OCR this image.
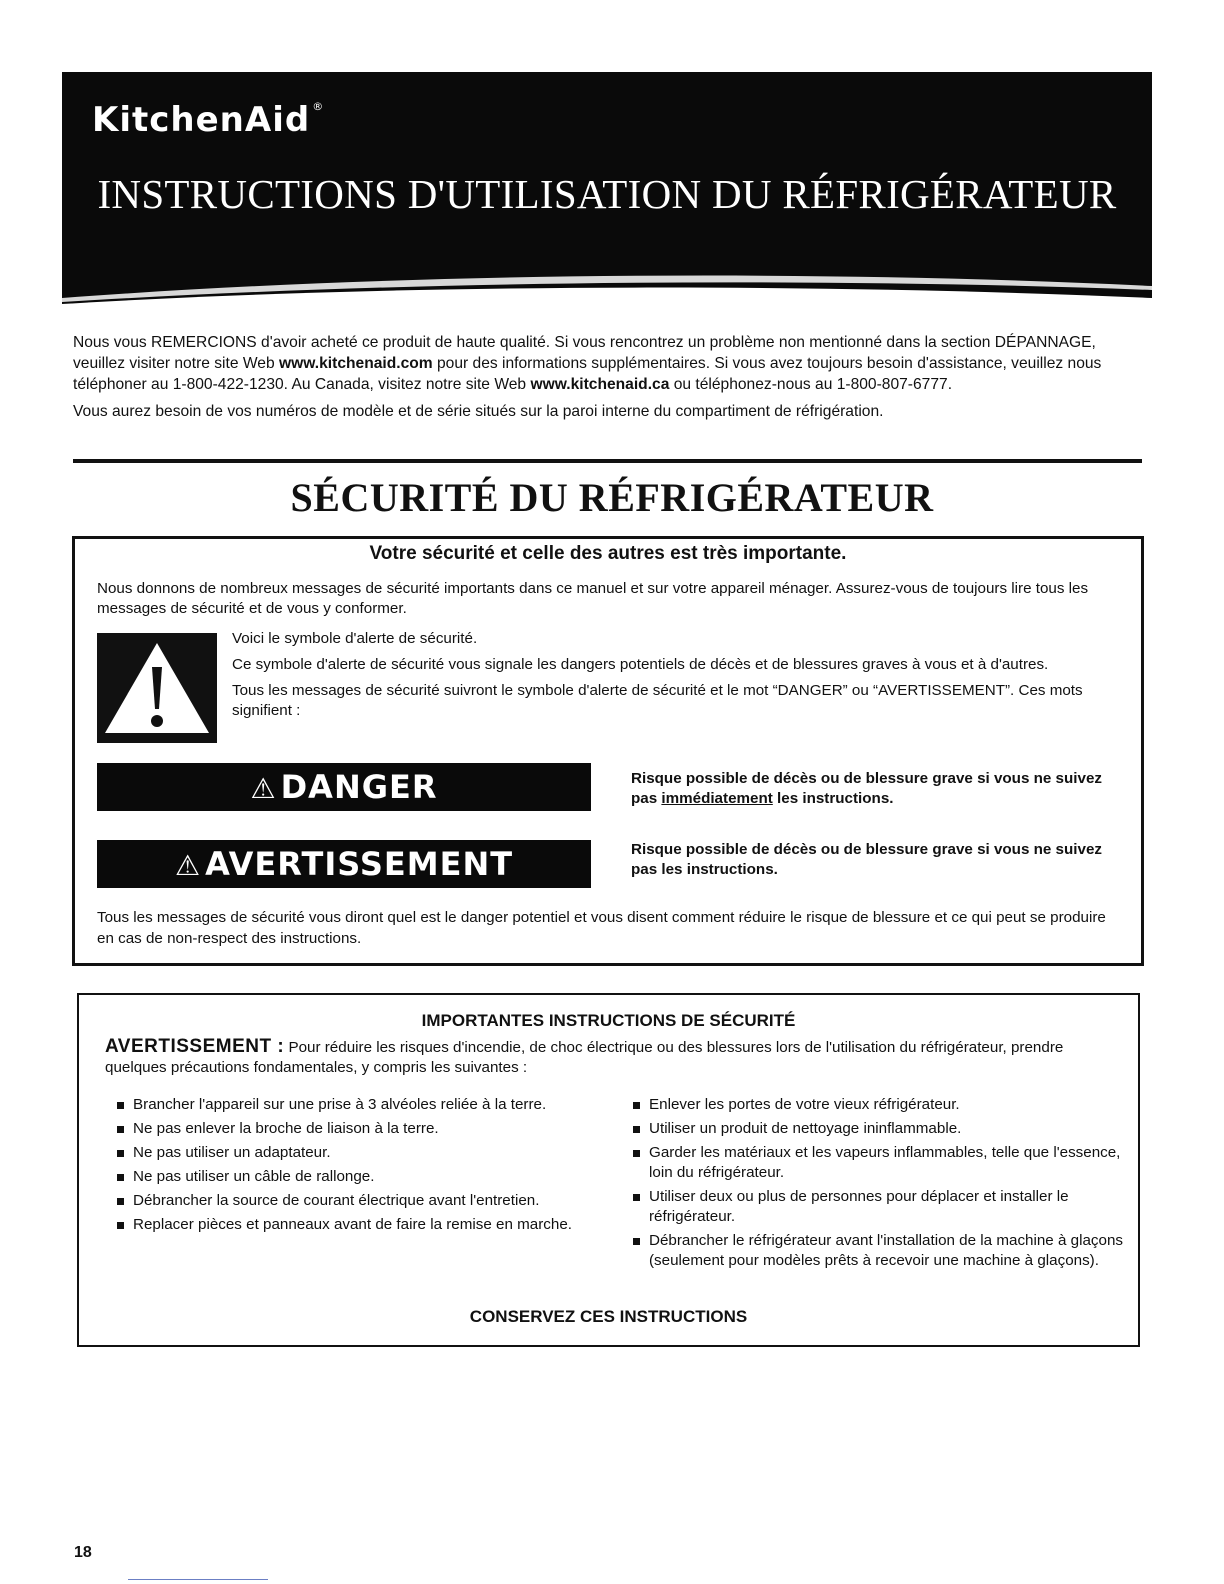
KitchenAid ®
INSTRUCTIONS D'UTILISATION DU RÉFRIGÉRATEUR

Nous vous REMERCIONS d'avoir acheté ce produit de haute qualité. Si vous rencontrez un problème non mentionné dans la section DÉPANNAGE, veuillez visiter notre site Web www.kitchenaid.com pour des informations supplémentaires. Si vous avez toujours besoin d'assistance, veuillez nous téléphoner au 1-800-422-1230. Au Canada, visitez notre site Web www.kitchenaid.ca ou téléphonez-nous au 1-800-807-6777.

Vous aurez besoin de vos numéros de modèle et de série situés sur la paroi interne du compartiment de réfrigération.

SÉCURITÉ DU RÉFRIGÉRATEUR
Votre sécurité et celle des autres est très importante.
Nous donnons de nombreux messages de sécurité importants dans ce manuel et sur votre appareil ménager. Assurez-vous de toujours lire tous les messages de sécurité et de vous y conformer.

Voici le symbole d'alerte de sécurité.

Ce symbole d'alerte de sécurité vous signale les dangers potentiels de décès et de blessures graves à vous et à d'autres.

Tous les messages de sécurité suivront le symbole d'alerte de sécurité et le mot “DANGER” ou “AVERTISSEMENT”. Ces mots signifient :

⚠ DANGER	Risque possible de décès ou de blessure grave si vous ne suivez pas immédiatement les instructions.
⚠ AVERTISSEMENT	Risque possible de décès ou de blessure grave si vous ne suivez pas les instructions.
Tous les messages de sécurité vous diront quel est le danger potentiel et vous disent comment réduire le risque de blessure et ce qui peut se produire en cas de non-respect des instructions.
IMPORTANTES INSTRUCTIONS DE SÉCURITÉ
AVERTISSEMENT : Pour réduire les risques d'incendie, de choc électrique ou des blessures lors de l'utilisation du réfrigérateur, prendre quelques précautions fondamentales, y compris les suivantes :
Brancher l'appareil sur une prise à 3 alvéoles reliée à la terre.
Ne pas enlever la broche de liaison à la terre.
Ne pas utiliser un adaptateur.
Ne pas utiliser un câble de rallonge.
Débrancher la source de courant électrique avant l'entretien.
Replacer pièces et panneaux avant de faire la remise en marche.
Enlever les portes de votre vieux réfrigérateur.
Utiliser un produit de nettoyage ininflammable.
Garder les matériaux et les vapeurs inflammables, telle que l'essence, loin du réfrigérateur.
Utiliser deux ou plus de personnes pour déplacer et installer le réfrigérateur.
Débrancher le réfrigérateur avant l'installation de la machine à glaçons (seulement pour modèles prêts à recevoir une machine à glaçons).
CONSERVEZ CES INSTRUCTIONS
18
